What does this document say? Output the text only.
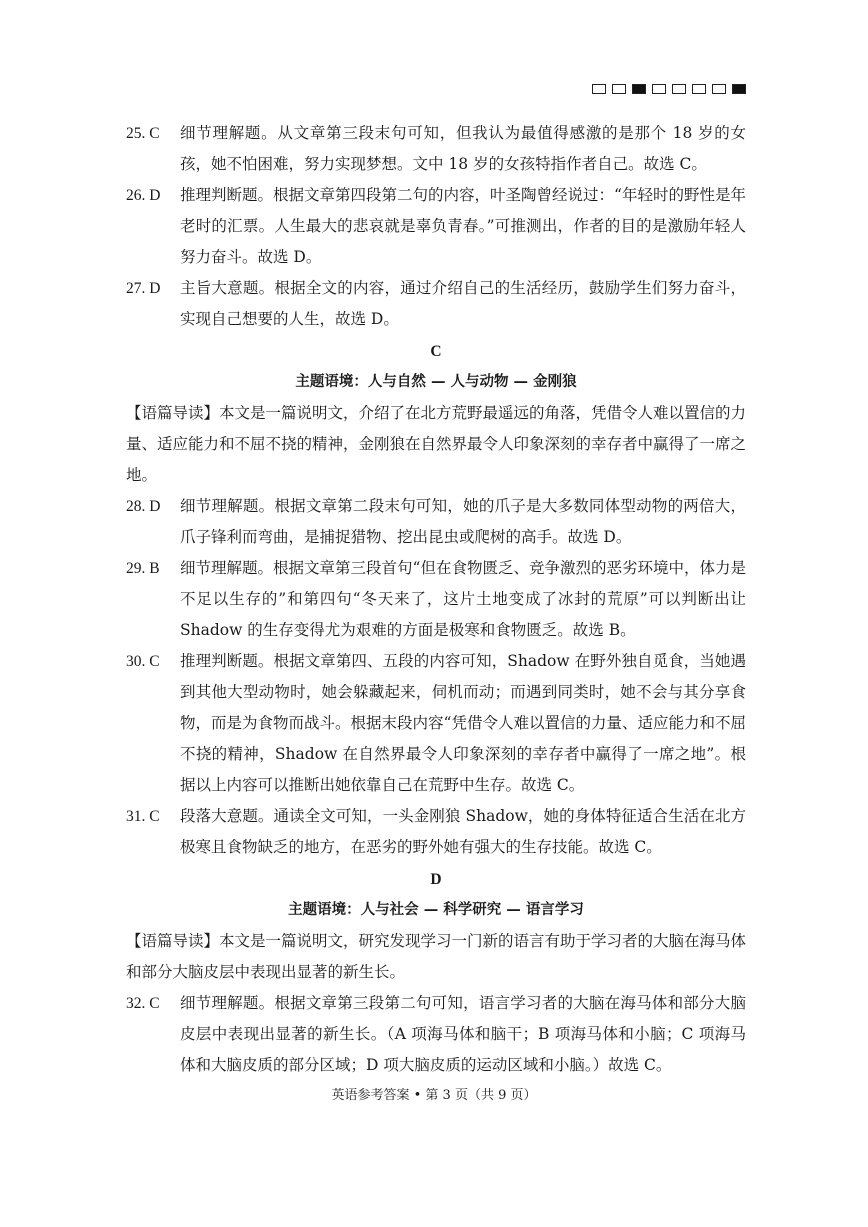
25. C	细节理解题。从文章第三段末句可知，但我认为最值得感激的是那个 18 岁的女孩，她不怕困难，努力实现梦想。文中 18 岁的女孩特指作者自己。故选 C。
26. D	推理判断题。根据文章第四段第二句的内容，叶圣陶曾经说过：“年轻时的野性是年老时的汇票。人生最大的悲哀就是辜负青春。”可推测出，作者的目的是激励年轻人努力奋斗。故选 D。
27. D	主旨大意题。根据全文的内容，通过介绍自己的生活经历，鼓励学生们努力奋斗，实现自己想要的人生，故选 D。
C
主题语境：人与自然 — 人与动物 — 金刚狼
【语篇导读】本文是一篇说明文，介绍了在北方荒野最遥远的角落，凭借令人难以置信的力量、适应能力和不屈不挠的精神，金刚狼在自然界最令人印象深刻的幸存者中赢得了一席之地。
28. D	细节理解题。根据文章第二段末句可知，她的爪子是大多数同体型动物的两倍大，爪子锋利而弯曲，是捕捉猎物、挖出昆虫或爬树的高手。故选 D。
29. B	细节理解题。根据文章第三段首句“但在食物匮乏、竞争激烈的恶劣环境中，体力是不足以生存的”和第四句“冬天来了，这片土地变成了冰封的荒原”可以判断出让 Shadow 的生存变得尤为艰难的方面是极寒和食物匮乏。故选 B。
30. C	推理判断题。根据文章第四、五段的内容可知，Shadow 在野外独自觅食，当她遇到其他大型动物时，她会躲藏起来，伺机而动；而遇到同类时，她不会与其分享食物，而是为食物而战斗。根据末段内容“凭借令人难以置信的力量、适应能力和不屈不挠的精神，Shadow 在自然界最令人印象深刻的幸存者中赢得了一席之地”。根据以上内容可以推断出她依靠自己在荒野中生存。故选 C。
31. C	段落大意题。通读全文可知，一头金刚狼 Shadow，她的身体特征适合生活在北方极寒且食物缺乏的地方，在恶劣的野外她有强大的生存技能。故选 C。
D
主题语境：人与社会 — 科学研究 — 语言学习
【语篇导读】本文是一篇说明文，研究发现学习一门新的语言有助于学习者的大脑在海马体和部分大脑皮层中表现出显著的新生长。
32. C	细节理解题。根据文章第三段第二句可知，语言学习者的大脑在海马体和部分大脑皮层中表现出显著的新生长。（A 项海马体和脑干；B 项海马体和小脑；C 项海马体和大脑皮质的部分区域；D 项大脑皮质的运动区域和小脑。）故选 C。
英语参考答案 • 第 3 页（共 9 页）
